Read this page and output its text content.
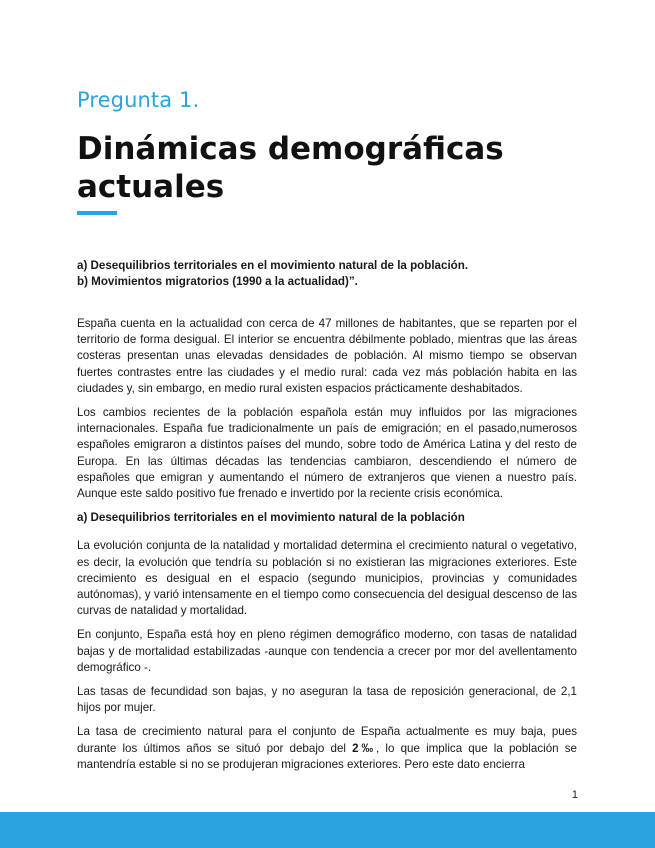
Pregunta 1.
Dinámicas demográficas actuales
a) Desequilibrios territoriales en el movimiento natural de la población.
b) Movimientos migratorios (1990 a la actualidad)”.

España cuenta en la actualidad con cerca de 47 millones de habitantes, que se reparten por el territorio de forma desigual. El interior se encuentra débilmente poblado, mientras que las áreas costeras presentan unas elevadas densidades de población. Al mismo tiempo se observan fuertes contrastes entre las ciudades y el medio rural: cada vez más población habita en las ciudades y, sin embargo, en medio rural existen espacios prácticamente deshabitados.

Los cambios recientes de la población española están muy influidos por las migraciones internacionales. España fue tradicionalmente un país de emigración; en el pasado,numerosos españoles emigraron a distintos países del mundo, sobre todo de América Latina y del resto de Europa. En las últimas décadas las tendencias cambiaron, descendiendo el número de españoles que emigran y aumentando el número de extranjeros que vienen a nuestro país. Aunque este saldo positivo fue frenado e invertido por la reciente crisis económica.

a) Desequilibrios territoriales en el movimiento natural de la población

La evolución conjunta de la natalidad y mortalidad determina el crecimiento natural o vegetativo, es decir, la evolución que tendría su población si no existieran las migraciones exteriores. Este crecimiento es desigual en el espacio (segundo municipios, provincias y comunidades autónomas), y varió intensamente en el tiempo como consecuencia del desigual descenso de las curvas de natalidad y mortalidad.

En conjunto, España está hoy en pleno régimen demográfico moderno, con tasas de natalidad bajas y de mortalidad estabilizadas -aunque con tendencia a crecer por mor del avellentamento demográfico -.

Las tasas de fecundidad son bajas, y no aseguran la tasa de reposición generacional, de 2,1 hijos por mujer.

La tasa de crecimiento natural para el conjunto de España actualmente es muy baja, pues durante los últimos años se situó por debajo del 2‰, lo que implica que la población se mantendría estable si no se produjeran migraciones exteriores. Pero este dato encierra

1
